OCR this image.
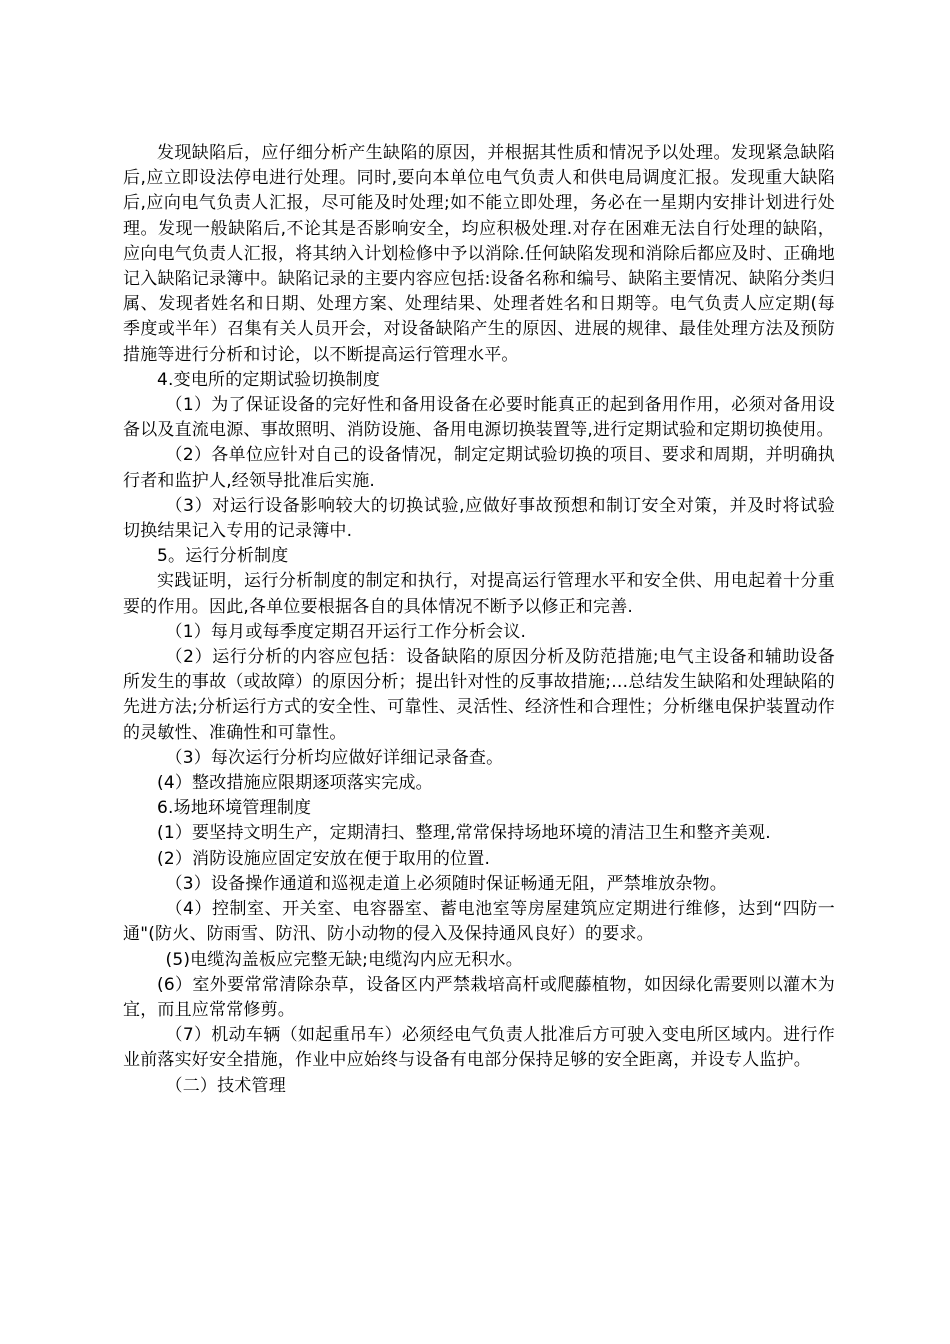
发现缺陷后，应仔细分析产生缺陷的原因，并根据其性质和情况予以处理。发现紧急缺陷后,应立即设法停电进行处理。同时,要向本单位电气负责人和供电局调度汇报。发现重大缺陷后,应向电气负责人汇报，尽可能及时处理;如不能立即处理，务必在一星期内安排计划进行处理。发现一般缺陷后,不论其是否影响安全，均应积极处理.对存在困难无法自行处理的缺陷，应向电气负责人汇报，将其纳入计划检修中予以消除.任何缺陷发现和消除后都应及时、正确地记入缺陷记录簿中。缺陷记录的主要内容应包括:设备名称和编号、缺陷主要情况、缺陷分类归属、发现者姓名和日期、处理方案、处理结果、处理者姓名和日期等。电气负责人应定期(每季度或半年）召集有关人员开会，对设备缺陷产生的原因、进展的规律、最佳处理方法及预防措施等进行分析和讨论，以不断提高运行管理水平。

4.变电所的定期试验切换制度

（1）为了保证设备的完好性和备用设备在必要时能真正的起到备用作用，必须对备用设备以及直流电源、事故照明、消防设施、备用电源切换装置等,进行定期试验和定期切换使用。

（2）各单位应针对自己的设备情况，制定定期试验切换的项目、要求和周期，并明确执行者和监护人,经领导批准后实施.

（3）对运行设备影响较大的切换试验,应做好事故预想和制订安全对策，并及时将试验切换结果记入专用的记录簿中.

5。运行分析制度

实践证明，运行分析制度的制定和执行，对提高运行管理水平和安全供、用电起着十分重要的作用。因此,各单位要根据各自的具体情况不断予以修正和完善.

（1）每月或每季度定期召开运行工作分析会议.

（2）运行分析的内容应包括：设备缺陷的原因分析及防范措施;电气主设备和辅助设备所发生的事故（或故障）的原因分析；提出针对性的反事故措施;…总结发生缺陷和处理缺陷的先进方法;分析运行方式的安全性、可靠性、灵活性、经济性和合理性；分析继电保护装置动作的灵敏性、准确性和可靠性。

（3）每次运行分析均应做好详细记录备查。

(4）整改措施应限期逐项落实完成。

6.场地环境管理制度

(1）要坚持文明生产，定期清扫、整理,常常保持场地环境的清洁卫生和整齐美观.

(2）消防设施应固定安放在便于取用的位置.

（3）设备操作通道和巡视走道上必须随时保证畅通无阻，严禁堆放杂物。

（4）控制室、开关室、电容器室、蓄电池室等房屋建筑应定期进行维修，达到“四防一通"(防火、防雨雪、防汛、防小动物的侵入及保持通风良好）的要求。

(5)电缆沟盖板应完整无缺;电缆沟内应无积水。

(6）室外要常常清除杂草，设备区内严禁栽培高杆或爬藤植物，如因绿化需要则以灌木为宜，而且应常常修剪。

（7）机动车辆（如起重吊车）必须经电气负责人批准后方可驶入变电所区域内。进行作业前落实好安全措施，作业中应始终与设备有电部分保持足够的安全距离，并设专人监护。

（二）技术管理
